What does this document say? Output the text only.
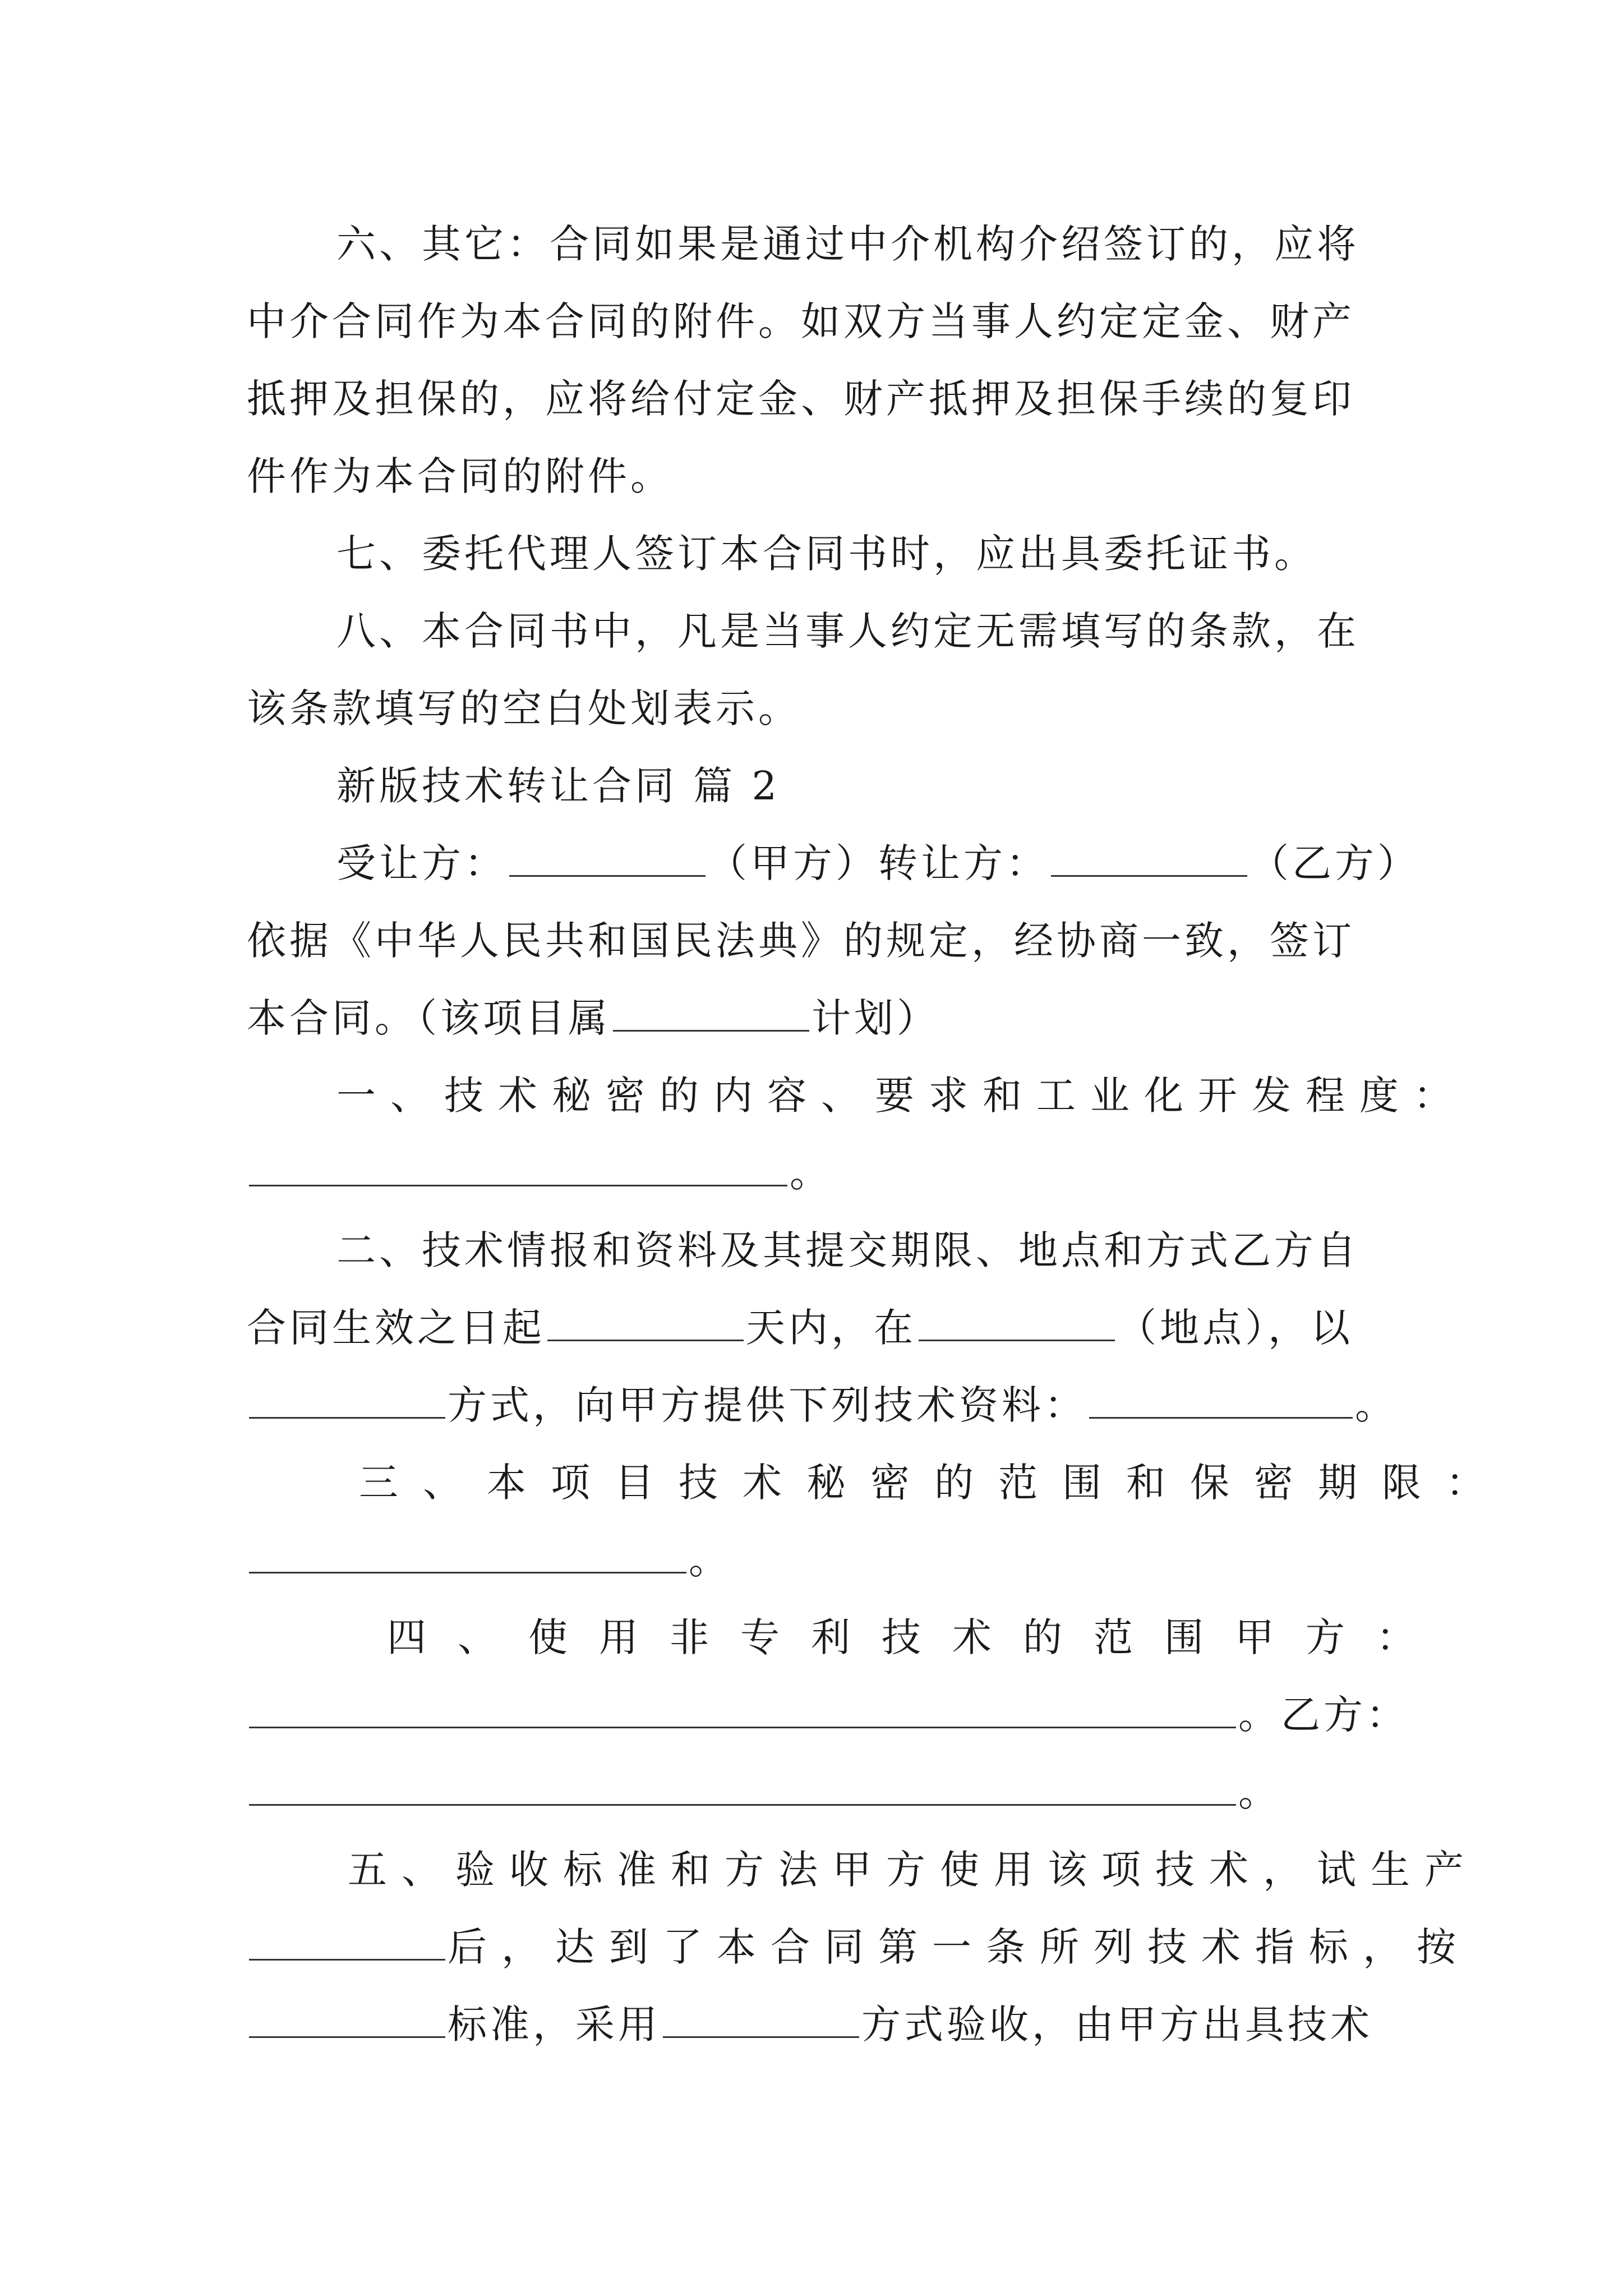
六、其它：合同如果是通过中介机构介绍签订的，应将
中介合同作为本合同的附件。如双方当事人约定定金、财产
抵押及担保的，应将给付定金、财产抵押及担保手续的复印
件作为本合同的附件。
七、委托代理人签订本合同书时，应出具委托证书。
八、本合同书中，凡是当事人约定无需填写的条款，在
该条款填写的空白处划表示。
新版技术转让合同 篇 2
受让方：	（甲方）转让方：	（乙方）
依据《中华人民共和国民法典》的规定，经协商一致，签订
本合同。（该项目属	计划）
一、技术秘密的内容、要求和工业化开发程度：
。
二、技术情报和资料及其提交期限、地点和方式乙方自
合同生效之日起	天内，在	（地点），以
方式，向甲方提供下列技术资料：	。
三、本项目技术秘密的范围和保密期限：
。
四、使用非专利技术的范围甲方：
。乙方：
。
五、验收标准和方法甲方使用该项技术，试生产
后，达到了本合同第一条所列技术指标，按
标准，采用	方式验收，由甲方出具技术
